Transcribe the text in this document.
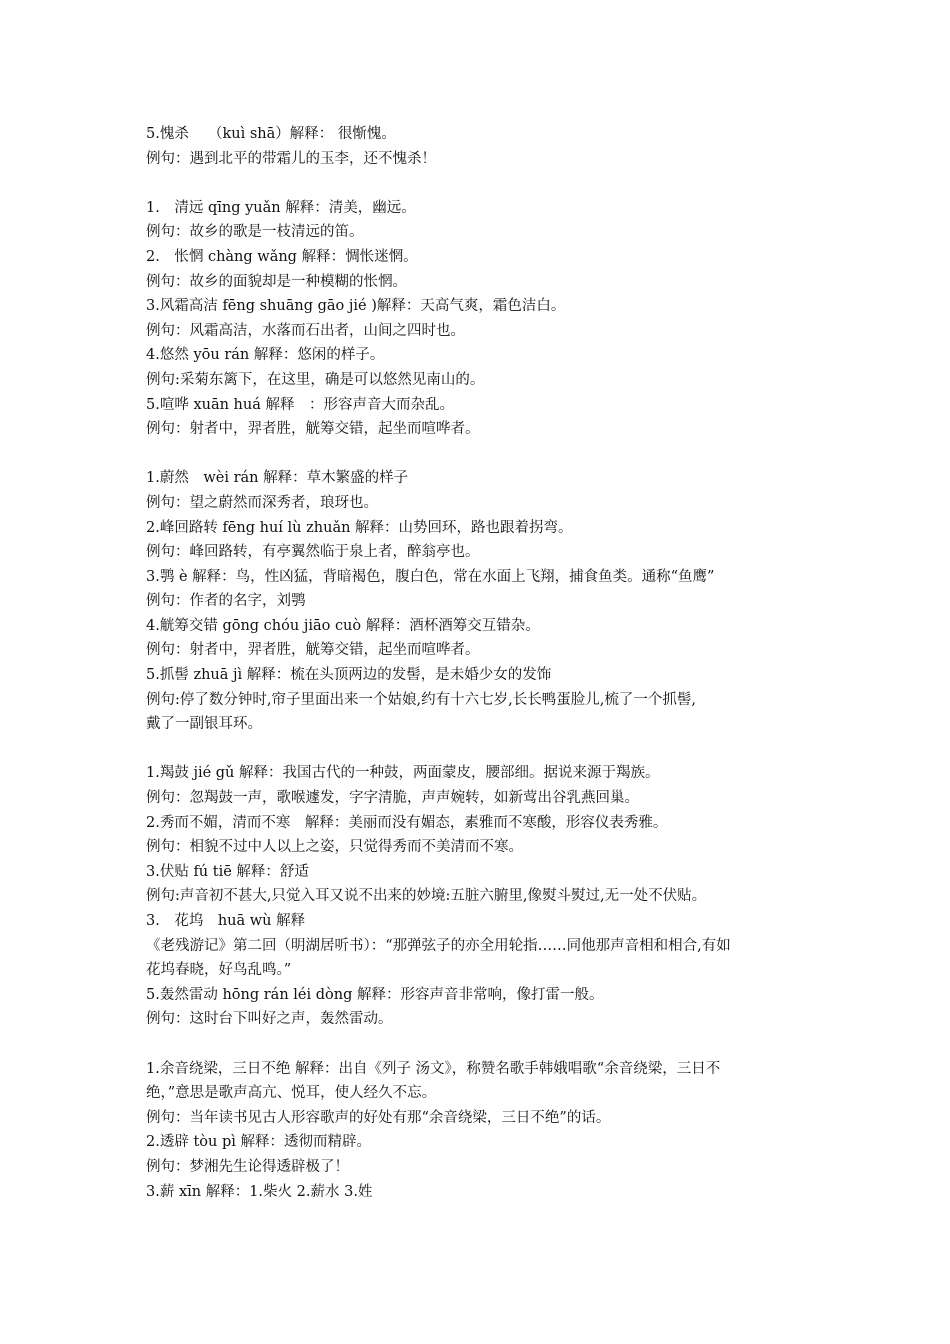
5.愧杀　 （kuì shā）解释： 很惭愧。
例句：遇到北平的带霜儿的玉李，还不愧杀！
1.　清远 qīng yuǎn 解释：清美，幽远。
例句：故乡的歌是一枝清远的笛。
2.　怅惘 chàng wǎng 解释：惆怅迷惘。
例句：故乡的面貌却是一种模糊的怅惘。
3.风霜高洁 fēng shuāng gāo jié )解释：天高气爽，霜色洁白。
例句：风霜高洁，水落而石出者，山间之四时也。
4.悠然 yōu rán 解释：悠闲的样子。
例句:采菊东篱下，在这里，确是可以悠然见南山的。
5.喧哗 xuān huá 解释　：形容声音大而杂乱。
例句：射者中，羿者胜，觥筹交错，起坐而喧哗者。
1.蔚然　wèi rán 解释：草木繁盛的样子
例句：望之蔚然而深秀者，琅玡也。
2.峰回路转 fēng huí lù zhuǎn 解释：山势回环，路也跟着拐弯。
例句：峰回路转，有亭翼然临于泉上者，醉翁亭也。
3.鹗 è 解释：鸟，性凶猛，背暗褐色，腹白色，常在水面上飞翔，捕食鱼类。通称“鱼鹰”
例句：作者的名字，刘鹗
4.觥筹交错 gōng chóu jiāo cuò 解释：酒杯酒筹交互错杂。
例句：射者中，羿者胜，觥筹交错，起坐而喧哗者。
5.抓髻 zhuā jì 解释：梳在头顶两边的发髻，是未婚少女的发饰
例句:停了数分钟时,帘子里面出来一个姑娘,约有十六七岁,长长鸭蛋脸儿,梳了一个抓髻,
戴了一副银耳环。
1.羯鼓 jié gǔ 解释：我国古代的一种鼓，两面蒙皮，腰部细。据说来源于羯族。
例句：忽羯鼓一声，歌喉遽发，字字清脆，声声婉转，如新莺出谷乳燕回巢。
2.秀而不媚，清而不寒　解释：美丽而没有媚态，素雅而不寒酸，形容仪表秀雅。
例句：相貌不过中人以上之姿，只觉得秀而不美清而不寒。
3.伏贴 fú tiē 解释：舒适
例句:声音初不甚大,只觉入耳又说不出来的妙境:五脏六腑里,像熨斗熨过,无一处不伏贴。
3.　花坞　huā wù 解释
《老残游记》第二回（明湖居听书）：“那弹弦子的亦全用轮指……同他那声音相和相合,有如
花坞春晓，好鸟乱鸣。”
5.轰然雷动 hōng rán léi dòng 解释：形容声音非常响，像打雷一般。
例句：这时台下叫好之声，轰然雷动。
1.余音绕梁，三日不绝 解释：出自《列子 汤文》，称赞名歌手韩娥唱歌“余音绕梁，三日不
绝，”意思是歌声高亢、悦耳，使人经久不忘。
例句：当年读书见古人形容歌声的好处有那“余音绕梁，三日不绝”的话。
2.透辟 tòu pì 解释：透彻而精辟。
例句：梦湘先生论得透辟极了！
3.薪 xīn 解释：1.柴火 2.薪水 3.姓
